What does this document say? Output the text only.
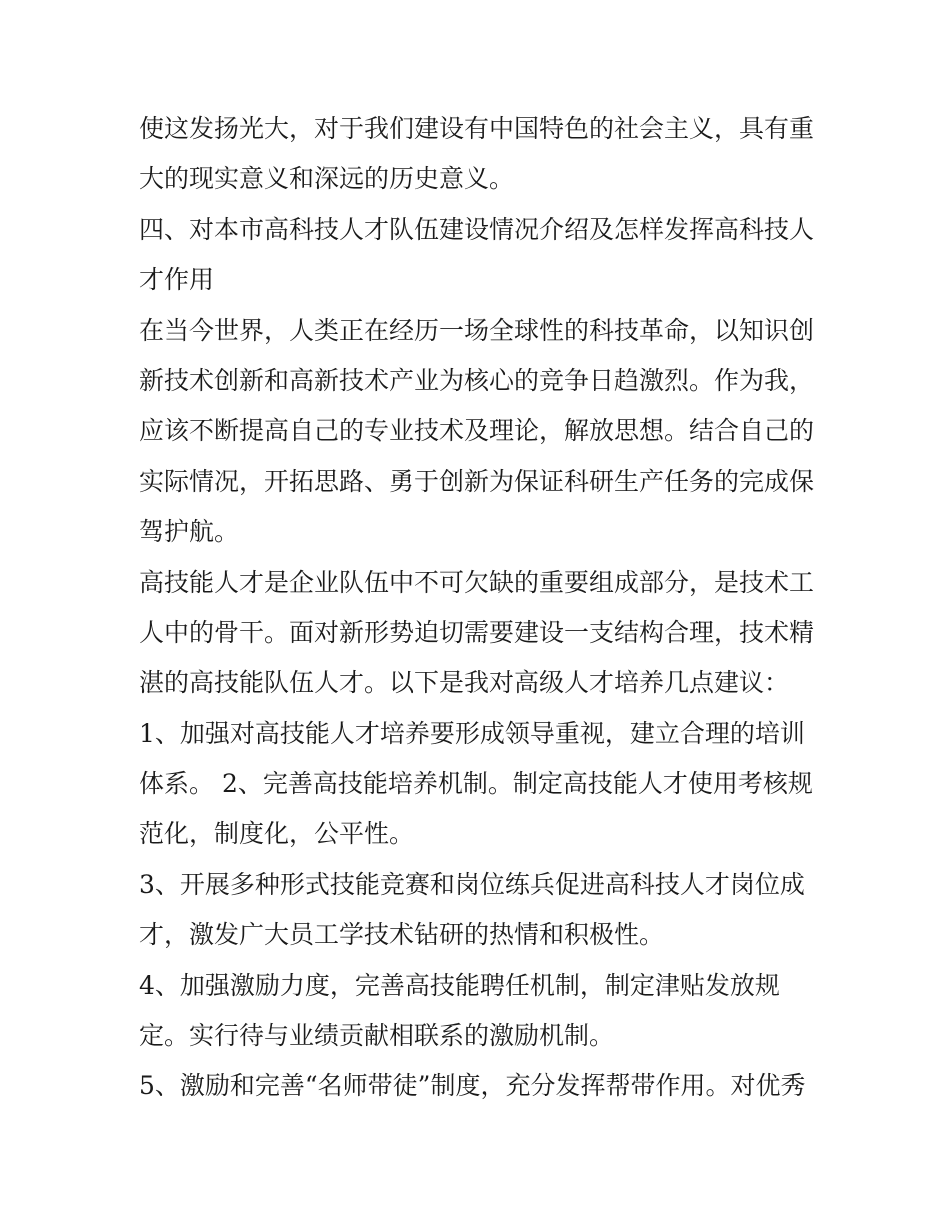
使这发扬光大，对于我们建设有中国特色的社会主义，具有重
大的现实意义和深远的历史意义。
四、对本市高科技人才队伍建设情况介绍及怎样发挥高科技人
才作用
在当今世界，人类正在经历一场全球性的科技革命，以知识创
新技术创新和高新技术产业为核心的竞争日趋激烈。作为我，
应该不断提高自己的专业技术及理论，解放思想。结合自己的
实际情况，开拓思路、勇于创新为保证科研生产任务的完成保
驾护航。
高技能人才是企业队伍中不可欠缺的重要组成部分，是技术工
人中的骨干。面对新形势迫切需要建设一支结构合理，技术精
湛的高技能队伍人才。以下是我对高级人才培养几点建议：
1、加强对高技能人才培养要形成领导重视，建立合理的培训
体系。 2、完善高技能培养机制。制定高技能人才使用考核规
范化，制度化，公平性。
3、开展多种形式技能竞赛和岗位练兵促进高科技人才岗位成
才，激发广大员工学技术钻研的热情和积极性。
4、加强激励力度，完善高技能聘任机制，制定津贴发放规
定。实行待与业绩贡献相联系的激励机制。
5、激励和完善“名师带徒”制度，充分发挥帮带作用。对优秀
